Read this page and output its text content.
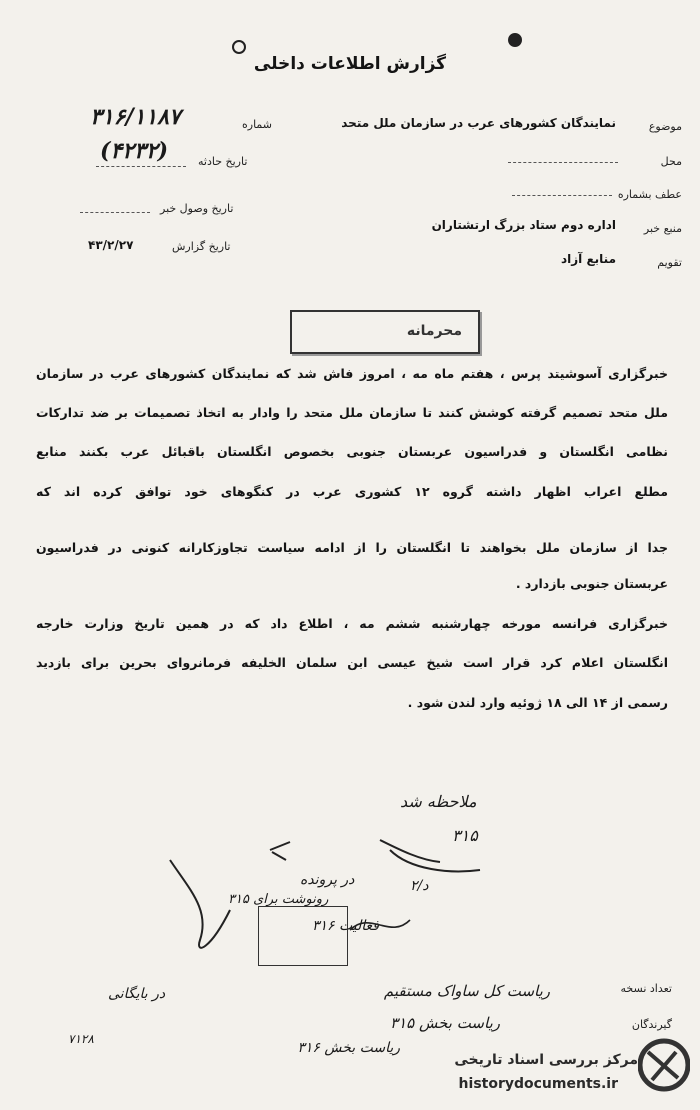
گزارش اطلاعات داخلی
موضوع
نمایندگان کشورهای عرب در سازمان ملل متحد
محل
عطف بشماره
منبع خبر
اداره دوم ستاد بزرگ ارتشتاران
تقویم
منابع آزاد
شماره
۳۱۶/۱۱۸۷
(۴۲۳۲)	تاریخ حادثه
تاریخ وصول خبر
تاریخ گزارش
۴۳/۲/۲۷
محرمانه
خبرگزاری آسوشیتد پرس ، هفتم ماه مه ، امروز فاش شد که نمایندگان کشورهای عرب در سازمان
ملل متحد تصمیم گرفته کوشش کنند تا سازمان ملل متحد را وادار به اتخاذ تصمیمات بر ضد تدارکات
نظامی انگلستان و فدراسیون عربستان جنوبی بخصوص انگلستان باقبائل عرب بکنند منابع
مطلع اعراب اظهار داشته گروه ۱۲ کشوری عرب در کنگوهای خود توافق کرده اند که
جدا از سازمان ملل بخواهند تا انگلستان را از ادامه سیاست تجاوزکارانه کنونی در فدراسیون
عربستان جنوبی بازدارد .
خبرگزاری فرانسه مورخه چهارشنبه ششم مه ، اطلاع داد که در همین تاریخ وزارت خارجه
انگلستان اعلام کرد قرار است شیخ عیسی ابن سلمان الخلیفه فرمانروای بحرین برای بازدید
رسمی از ۱۴ الی ۱۸ ژوئیه وارد لندن شود .
ملاحظه شد
۳۱۵
د/۲
در پرونده
فعالیت ۳۱۶
رونوشت برای ۳۱۵
تعداد نسخه
گیرندگان
ریاست کل ساواک مستقیم
ریاست بخش ۳۱۵
ریاست بخش ۳۱۶
در بایگانی
۷۱۲۸
مرکز بررسی اسناد تاریخی
historydocuments.ir
